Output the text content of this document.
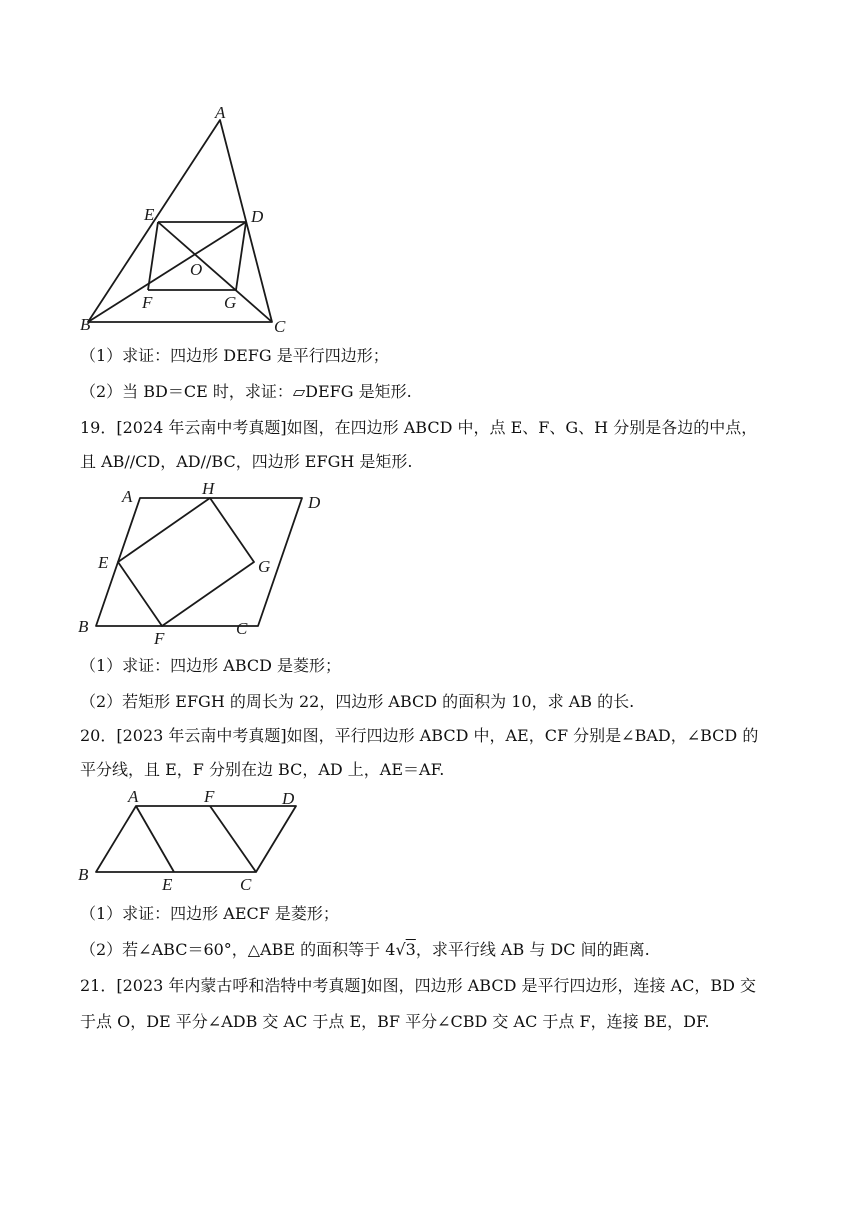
A
E	D
O
F	G
B	C
（1）求证：四边形 DEFG 是平行四边形；
（2）当 BD＝CE 时，求证：▱DEFG 是矩形.
19．[2024 年云南中考真题]如图，在四边形 ABCD 中，点 E、F、G、H 分别是各边的中点，
且 AB//CD，AD//BC，四边形 EFGH 是矩形.
A	H
D
E	G
B
F
C
（1）求证：四边形 ABCD 是菱形；
（2）若矩形 EFGH 的周长为 22，四边形 ABCD 的面积为 10，求 AB 的长.
20．[2023 年云南中考真题]如图，平行四边形 ABCD 中，AE，CF 分别是∠BAD，∠BCD 的
平分线，且 E，F 分别在边 BC，AD 上，AE＝AF.
A	F	D
B
E	C
（1）求证：四边形 AECF 是菱形；
（2）若∠ABC＝60°，△ABE 的面积等于 4√3，求平行线 AB 与 DC 间的距离.
21．[2023 年内蒙古呼和浩特中考真题]如图，四边形 ABCD 是平行四边形，连接 AC，BD 交
于点 O，DE 平分∠ADB 交 AC 于点 E，BF 平分∠CBD 交 AC 于点 F，连接 BE，DF.
